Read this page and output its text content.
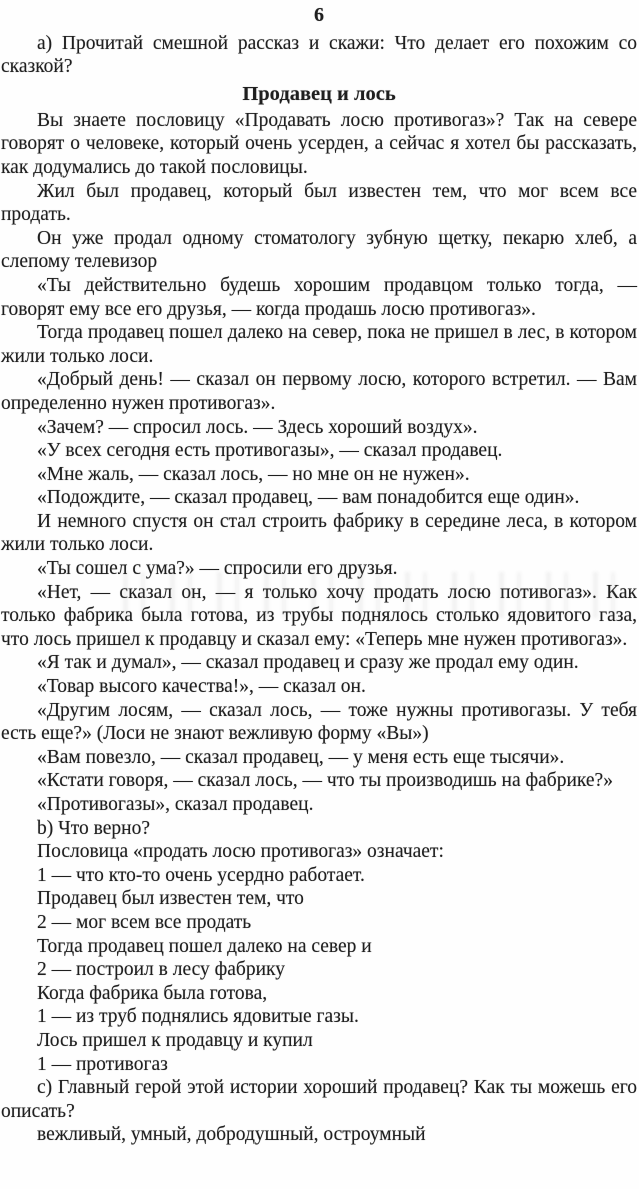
6

а) Прочитай смешной рассказ и скажи: Что делает его похожим со сказкой?

Продавец и лось

Вы знаете пословицу «Продавать лосю противогаз»? Так на севере говорят о человеке, который очень усерден, а сейчас я хотел бы рассказать, как додумались до такой пословицы.

Жил был продавец, который был известен тем, что мог всем все продать.

Он уже продал одному стоматологу зубную щетку, пекарю хлеб, а слепому телевизор

«Ты действительно будешь хорошим продавцом только тогда, — говорят ему все его друзья, — когда продашь лосю противогаз».

Тогда продавец пошел далеко на север, пока не пришел в лес, в котором жили только лоси.

«Добрый день! — сказал он первому лосю, которого встретил. — Вам определенно нужен противогаз».

«Зачем? — спросил лось. — Здесь хороший воздух».

«У всех сегодня есть противогазы», — сказал продавец.

«Мне жаль, — сказал лось, — но мне он не нужен».

«Подождите, — сказал продавец, — вам понадобится еще один».

И немного спустя он стал строить фабрику в середине леса, в котором жили только лоси.

«Ты сошел с ума?» — спросили его друзья.

«Нет, — сказал он, — я только хочу продать лосю потивогаз». Как только фабрика была готова, из трубы поднялось столько ядовитого газа, что лось пришел к продавцу и сказал ему: «Теперь мне нужен противогаз».

«Я так и думал», — сказал продавец и сразу же продал ему один.

«Товар высого качества!», — сказал он.

«Другим лосям, — сказал лось, — тоже нужны противогазы. У тебя есть еще?» (Лоси не знают вежливую форму «Вы»)

«Вам повезло, — сказал продавец, — у меня есть еще тысячи».

«Кстати говоря, — сказал лось, — что ты производишь на фабрике?»

«Противогазы», сказал продавец.

b) Что верно?

Пословица «продать лосю противогаз» означает:

1 — что кто-то очень усердно работает.

Продавец был известен тем, что

2 — мог всем все продать

Тогда продавец пошел далеко на север и

2 — построил в лесу фабрику

Когда фабрика была готова,

1 — из труб поднялись ядовитые газы.

Лось пришел к продавцу и купил

1 — противогаз

с) Главный герой этой истории хороший продавец? Как ты можешь его описать?

вежливый, умный, добродушный, остроумный
